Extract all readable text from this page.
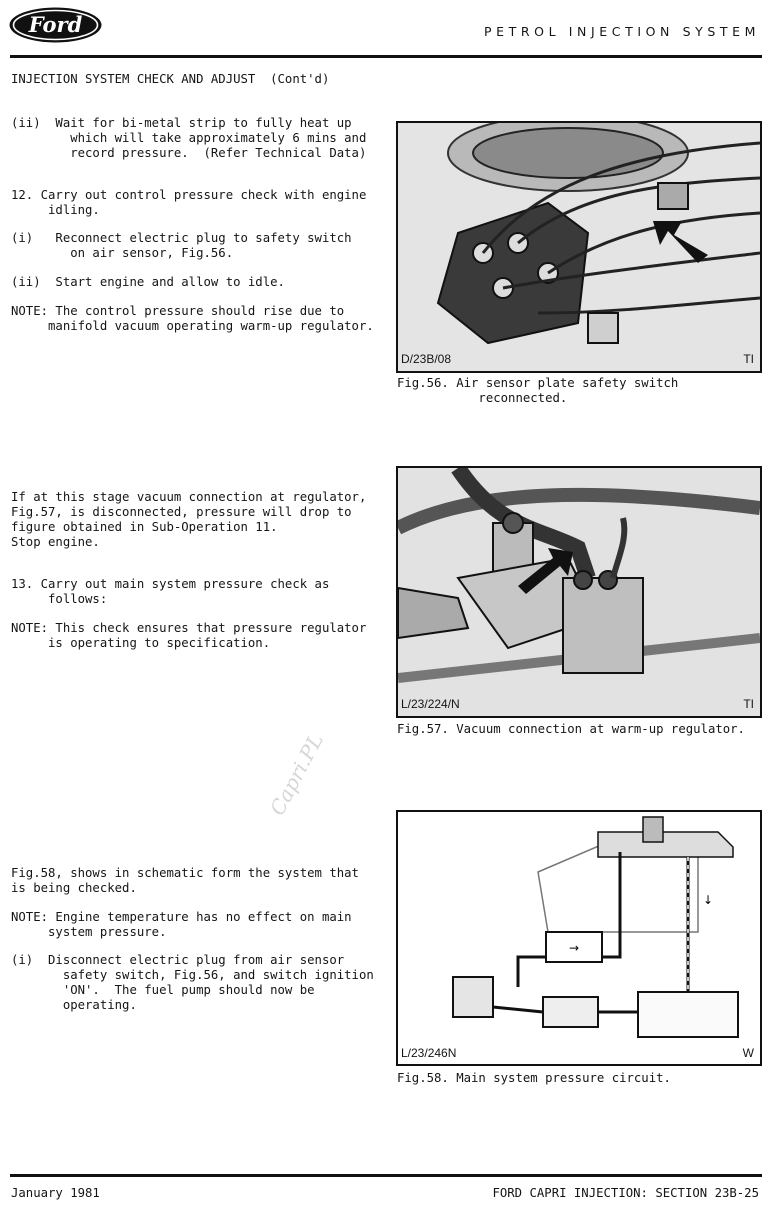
Ford	PETROL INJECTION SYSTEM
INJECTION SYSTEM CHECK AND ADJUST  (Cont'd)
(ii)  Wait for bi-metal strip to fully heat up
which will take approximately 6 mins and
record pressure.  (Refer Technical Data)
12. Carry out control pressure check with engine
idling.
(i)   Reconnect electric plug to safety switch
on air sensor, Fig.56.
(ii)  Start engine and allow to idle.
NOTE: The control pressure should rise due to
manifold vacuum operating warm-up regulator.
D/23B/08	TI
Fig.56. Air sensor plate safety switch
reconnected.
If at this stage vacuum connection at regulator,
Fig.57, is disconnected, pressure will drop to
figure obtained in Sub-Operation 11.
Stop engine.
13. Carry out main system pressure check as
follows:
NOTE: This check ensures that pressure regulator
is operating to specification.
L/23/224/N	TI
Fig.57. Vacuum connection at warm-up regulator.
Fig.58, shows in schematic form the system that
is being checked.
NOTE: Engine temperature has no effect on main
system pressure.
(i)  Disconnect electric plug from air sensor
safety switch, Fig.56, and switch ignition
'ON'.  The fuel pump should now be
operating.
→
↓
L/23/246N	W
Fig.58. Main system pressure circuit.
Capri.PL
January 1981	FORD CAPRI INJECTION: SECTION 23B-25
